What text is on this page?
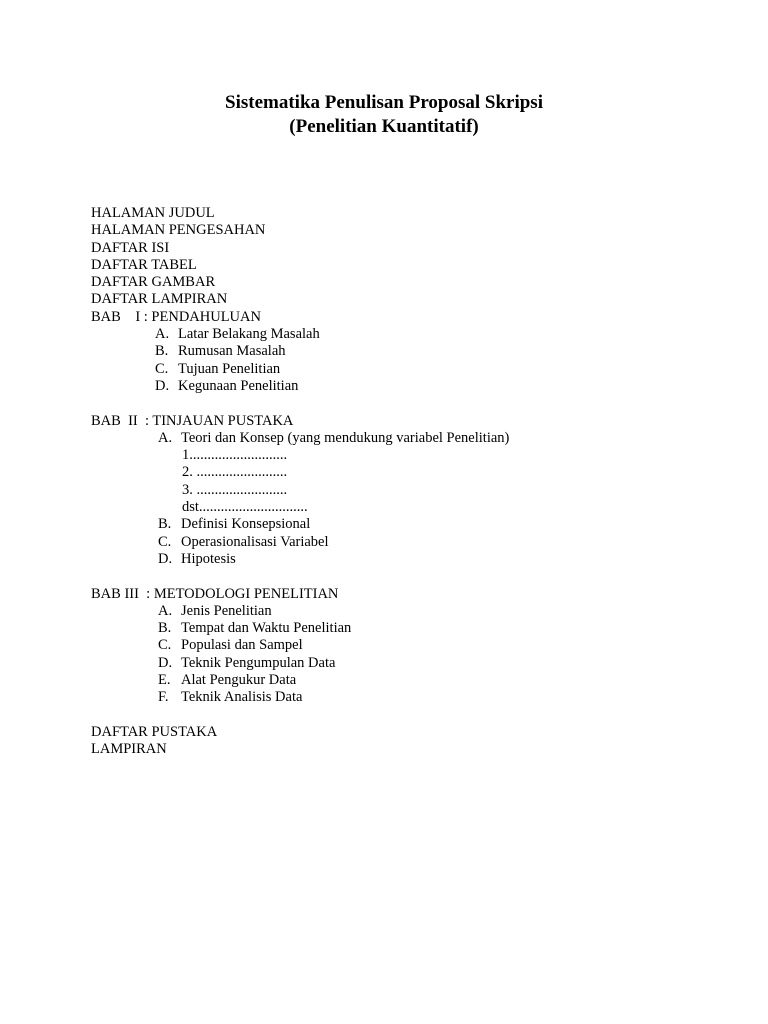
Sistematika Penulisan Proposal Skripsi
(Penelitian Kuantitatif)
HALAMAN JUDUL
HALAMAN PENGESAHAN
DAFTAR ISI
DAFTAR TABEL
DAFTAR GAMBAR
DAFTAR LAMPIRAN
BAB    I : PENDAHULUAN
A. Latar Belakang Masalah
B. Rumusan Masalah
C. Tujuan Penelitian
D. Kegunaan Penelitian
BAB  II  : TINJAUAN PUSTAKA
A. Teori dan Konsep (yang mendukung variabel Penelitian)
1...........................
2. .........................
3. .........................
dst..............................
B. Definisi Konsepsional
C. Operasionalisasi Variabel
D. Hipotesis
BAB III  : METODOLOGI PENELITIAN
A. Jenis Penelitian
B. Tempat dan Waktu Penelitian
C. Populasi dan Sampel
D. Teknik Pengumpulan Data
E. Alat Pengukur Data
F. Teknik Analisis Data
DAFTAR PUSTAKA
LAMPIRAN
